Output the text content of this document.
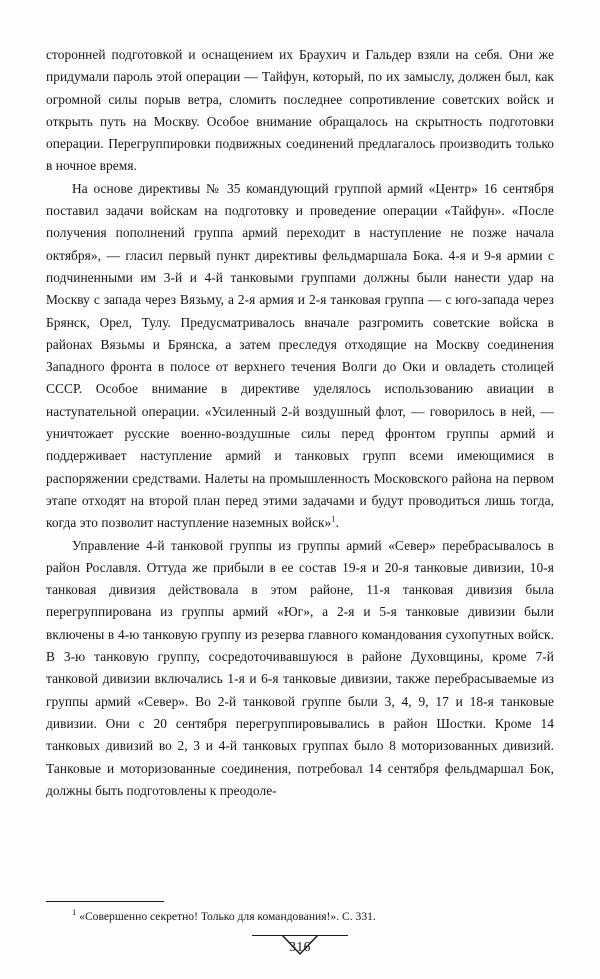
стороннeй подготовкой и оснащением их Браухич и Гальдер взяли на себя. Они же придумали пароль этой операции — Тайфун, который, по их замыслу, должен был, как огромной силы порыв ветра, сломить последнее сопротивление советских войск и открыть путь на Москву. Особое внимание обращалось на скрытность подготовки операции. Перегруппировки подвижных соединений предлагалось производить только в ночное время.

На основе директивы № 35 командующий группой армий «Центр» 16 сентября поставил задачи войскам на подготовку и проведение операции «Тайфун». «После получения пополнений группа армий переходит в наступление не позже начала октября», — гласил первый пункт директивы фельдмаршала Бока. 4-я и 9-я армии с подчиненными им 3-й и 4-й танковыми группами должны были нанести удар на Москву с запада через Вязьму, а 2-я армия и 2-я танковая группа — с юго-запада через Брянск, Орел, Тулу. Предусматривалось вначале разгромить советские войска в районах Вязьмы и Брянска, а затем преследуя отходящие на Москву соединения Западного фронта в полосе от верхнего течения Волги до Оки и овладеть столицей СССР. Особое внимание в директиве уделялось использованию авиации в наступательной операции. «Усиленный 2-й воздушный флот, — говорилось в ней, — уничтожает русские военно-воздушные силы перед фронтом группы армий и поддерживает наступление армий и танковых групп всеми имеющимися в распоряжении средствами. Налеты на промышленность Московского района на первом этапе отходят на второй план перед этими задачами и будут проводиться лишь тогда, когда это позволит наступление наземных войск»$^1$.

Управление 4-й танковой группы из группы армий «Север» перебрасывалось в район Рославля. Оттуда же прибыли в ее состав 19-я и 20-я танковые дивизии, 10-я танковая дивизия действовала в этом районе, 11-я танковая дивизия была перегруппирована из группы армий «Юг», а 2-я и 5-я танковые дивизии были включены в 4-ю танковую группу из резерва главного командования сухопутных войск. В 3-ю танковую группу, сосредоточивавшуюся в районе Духовщины, кроме 7-й танковой дивизии включались 1-я и 6-я танковые дивизии, также перебрасываемые из группы армий «Север». Во 2-й танковой группе были 3, 4, 9, 17 и 18-я танковые дивизии. Они с 20 сентября перегруппировывались в район Шостки. Кроме 14 танковых дивизий во 2, 3 и 4-й танковых группах было 8 моторизованных дивизий. Танковые и моторизованные соединения, потребовал 14 сентября фельдмаршал Бок, должны быть подготовлены к преодоле-

$^1$ «Совершенно секретно! Только для командования!». С. 331.
316
